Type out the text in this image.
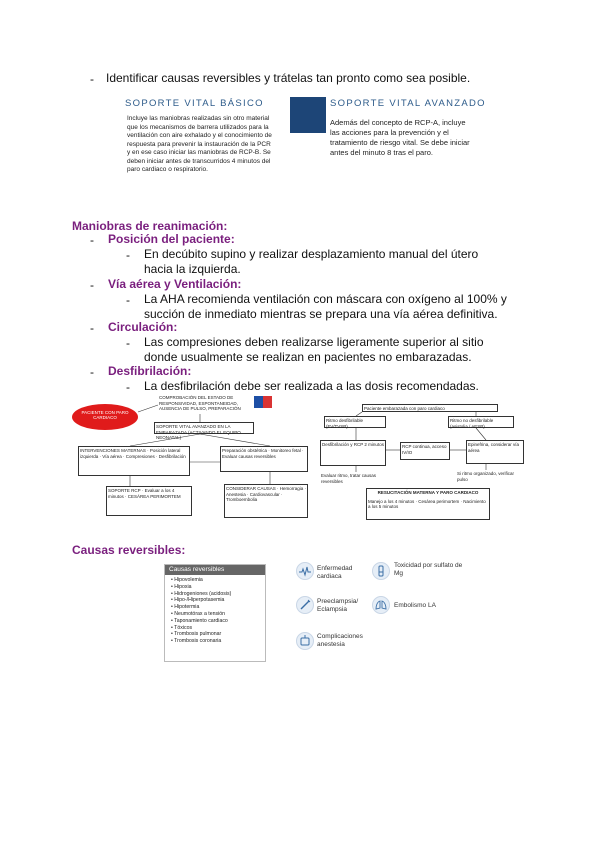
- Identificar causas reversibles y trátelas tan pronto como sea posible.
SOPORTE VITAL BÁSICO
Incluye las maniobras realizadas sin otro material que los mecanismos de barrera utilizados para la ventilación con aire exhalado y el conocimiento de respuesta para prevenir la instauración de la PCR y en ese caso iniciar las maniobras de RCP-B. Se deben iniciar antes de transcurridos 4 minutos del paro cardiaco o respiratorio.
SOPORTE VITAL AVANZADO
Además del concepto de RCP-A, incluye las acciones para la prevención y el tratamiento de riesgo vital. Se debe iniciar antes del minuto 8 tras el paro.
Maniobras de reanimación:
- Posición del paciente:
- En decúbito supino y realizar desplazamiento manual del útero hacia la izquierda.
- Vía aérea y Ventilación:
- La AHA recomienda ventilación con máscara con oxígeno al 100% y succión de inmediato mientras se prepara una vía aérea definitiva.
- Circulación:
- Las compresiones deben realizarse ligeramente superior al sitio donde usualmente se realizan en pacientes no embarazadas.
- Desfibrilación:
- La desfibrilación debe ser realizada a las dosis recomendadas.
PACIENTE CON PARO CARDIACO
COMPROBACIÓN DEL ESTADO DE RESPONSIVIDAD, ESPONTANEIDAD, AUSENCIA DE PULSO, PREPARACIÓN
SOPORTE VITAL AVANZADO EN LA EMBARAZADA (ACTIVANDO EL EQUIPO NEONATAL)
INTERVENCIONES MATERNAS · Posición lateral izquierda · Vía aérea · Compresiones · Desfibrilación
Preparación obstétrica · Monitoreo fetal · Evaluar causas reversibles
SOPORTE RCP · Evaluar a los 4 minutos · CESÁREA PERIMORTEM
CONSIDERAR CAUSAS · Hemorragia · Anestesia · Cardiovascular · Tromboembolia
Paciente embarazada con paro cardiaco
Ritmo desfibrilable (FV/TVSP)
Ritmo no desfibrilable (asistolia / AESP)
Desfibrilación y RCP 2 minutos	RCP continua, acceso IV/IO
Epinefrina, considerar vía aérea
Evaluar ritmo, tratar causas reversibles
Si ritmo organizado, verificar pulso
RESUCITACIÓN MATERNA Y PARO CARDIACO
Manejo a los 4 minutos · Cesárea perimortem · Nacimiento a los 5 minutos
Causas reversibles:
Causas reversibles
• Hipovolemia
• Hipoxia
• Hidrogeniones (acidosis)
• Hipo-/Hiperpotasemia
• Hipotermia
• Neumotórax a tensión
• Taponamiento cardiaco
• Tóxicos
• Trombosis pulmonar
• Trombosis coronaria
Enfermedad cardiaca
Toxicidad por sulfato de Mg
Preeclampsia/ Eclampsia
Embolismo LA
Complicaciones anestesia
